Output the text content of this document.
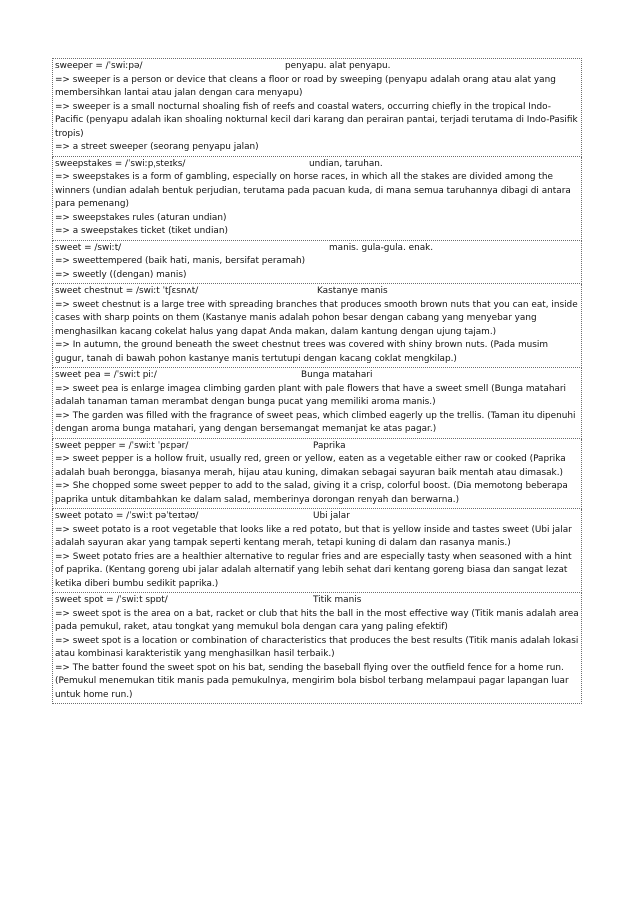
sweeper = /ˈswiːpə/	penyapu. alat penyapu.
=> sweeper is a person or device that cleans a floor or road by sweeping (penyapu adalah orang atau alat yang membersihkan lantai atau jalan dengan cara menyapu)
=> sweeper is a small nocturnal shoaling fish of reefs and coastal waters, occurring chiefly in the tropical Indo-Pacific (penyapu adalah ikan shoaling nokturnal kecil dari karang dan perairan pantai, terjadi terutama di Indo-Pasifik tropis)
=> a street sweeper (seorang penyapu jalan)
sweepstakes = /ˈswiːpˌsteɪks/	undian, taruhan.
=> sweepstakes is a form of gambling, especially on horse races, in which all the stakes are divided among the winners (undian adalah bentuk perjudian, terutama pada pacuan kuda, di mana semua taruhannya dibagi di antara para pemenang)
=> sweepstakes rules (aturan undian)
=> a sweepstakes ticket (tiket undian)
sweet = /swiːt/	manis. gula-gula. enak.
=> sweettempered (baik hati, manis, bersifat peramah)
=> sweetly ((dengan) manis)
sweet chestnut = /swiːt ˈtʃɛsnʌt/	Kastanye manis
=> sweet chestnut is a large tree with spreading branches that produces smooth brown nuts that you can eat, inside cases with sharp points on them (Kastanye manis adalah pohon besar dengan cabang yang menyebar yang menghasilkan kacang cokelat halus yang dapat Anda makan, dalam kantung dengan ujung tajam.)
=> In autumn, the ground beneath the sweet chestnut trees was covered with shiny brown nuts. (Pada musim gugur, tanah di bawah pohon kastanye manis tertutupi dengan kacang coklat mengkilap.)
sweet pea = /ˈswiːt piː/	Bunga matahari
=> sweet pea is enlarge imagea climbing garden plant with pale flowers that have a sweet smell (Bunga matahari adalah tanaman taman merambat dengan bunga pucat yang memiliki aroma manis.)
=> The garden was filled with the fragrance of sweet peas, which climbed eagerly up the trellis. (Taman itu dipenuhi dengan aroma bunga matahari, yang dengan bersemangat memanjat ke atas pagar.)
sweet pepper = /ˈswiːt ˈpɛpər/	Paprika
=> sweet pepper is a hollow fruit, usually red, green or yellow, eaten as a vegetable either raw or cooked (Paprika adalah buah berongga, biasanya merah, hijau atau kuning, dimakan sebagai sayuran baik mentah atau dimasak.)
=> She chopped some sweet pepper to add to the salad, giving it a crisp, colorful boost. (Dia memotong beberapa paprika untuk ditambahkan ke dalam salad, memberinya dorongan renyah dan berwarna.)
sweet potato = /ˈswiːt pəˈteɪtəʊ/	Ubi jalar
=> sweet potato is a root vegetable that looks like a red potato, but that is yellow inside and tastes sweet (Ubi jalar adalah sayuran akar yang tampak seperti kentang merah, tetapi kuning di dalam dan rasanya manis.)
=> Sweet potato fries are a healthier alternative to regular fries and are especially tasty when seasoned with a hint of paprika. (Kentang goreng ubi jalar adalah alternatif yang lebih sehat dari kentang goreng biasa dan sangat lezat ketika diberi bumbu sedikit paprika.)
sweet spot = /ˈswiːt spɒt/	Titik manis
=> sweet spot is the area on a bat, racket or club that hits the ball in the most effective way (Titik manis adalah area pada pemukul, raket, atau tongkat yang memukul bola dengan cara yang paling efektif)
=> sweet spot is a location or combination of characteristics that produces the best results (Titik manis adalah lokasi atau kombinasi karakteristik yang menghasilkan hasil terbaik.)
=> The batter found the sweet spot on his bat, sending the baseball flying over the outfield fence for a home run. (Pemukul menemukan titik manis pada pemukulnya, mengirim bola bisbol terbang melampaui pagar lapangan luar untuk home run.)
